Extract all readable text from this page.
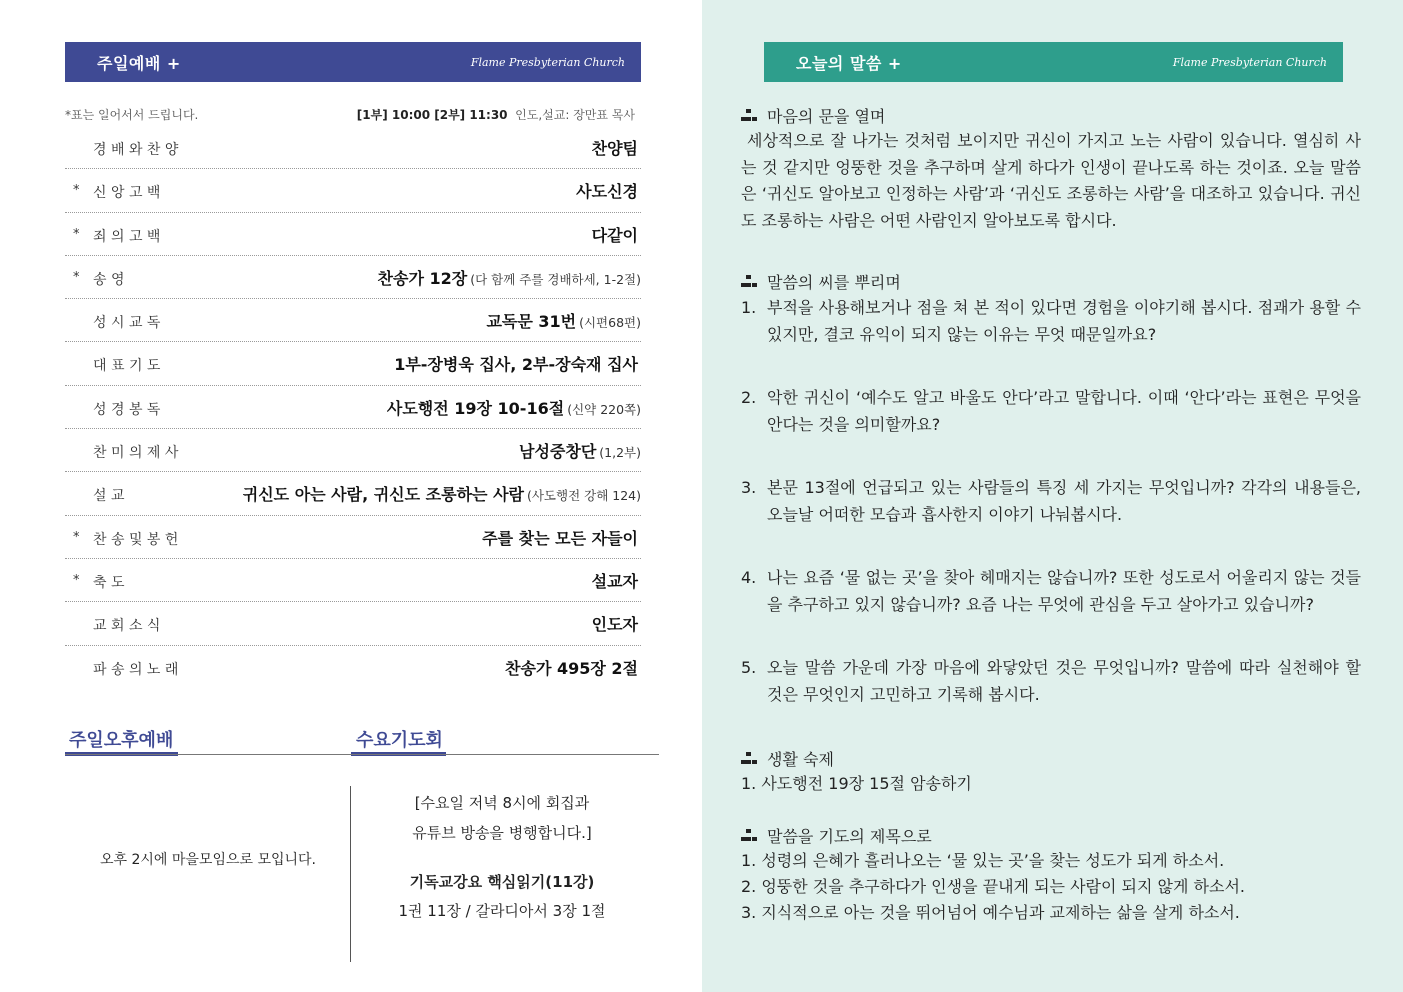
주일예배 +	Flame Presbyterian Church
*표는 일어서서 드립니다.	[1부] 10:00 [2부] 11:30 인도,설교: 장만표 목사
경 배 와 찬 양	찬양팀
* 신 앙 고 백	사도신경
* 죄 의 고 백	다같이
* 송 영	찬송가 12장 (다 함께 주를 경배하세, 1-2절)
성 시 교 독	교독문 31번 (시편68편)
대 표 기 도	1부-장병욱 집사, 2부-장숙재 집사
성 경 봉 독	사도행전 19장 10-16절 (신약 220쪽)
찬 미 의 제 사	남성중창단 (1,2부)
설 교	귀신도 아는 사람, 귀신도 조롱하는 사람 (사도행전 강해 124)
* 찬 송 및 봉 헌	주를 찾는 모든 자들이
* 축 도	설교자
교 회 소 식	인도자
파 송 의 노 래	찬송가 495장 2절
주일오후예배	수요기도회
오후 2시에 마을모임으로 모입니다.
[수요일 저녁 8시에 회집과
유튜브 방송을 병행합니다.]
기독교강요 핵심읽기(11강)
1권 11장 / 갈라디아서 3장 1절
오늘의 말씀 +	Flame Presbyterian Church
마음의 문을 열며
세상적으로 잘 나가는 것처럼 보이지만 귀신이 가지고 노는 사람이 있습니다. 열심히 사는 것 같지만 엉뚱한 것을 추구하며 살게 하다가 인생이 끝나도록 하는 것이죠. 오늘 말씀은 ‘귀신도 알아보고 인정하는 사람’과 ‘귀신도 조롱하는 사람’을 대조하고 있습니다. 귀신도 조롱하는 사람은 어떤 사람인지 알아보도록 합시다.
말씀의 씨를 뿌리며
1. 부적을 사용해보거나 점을 쳐 본 적이 있다면 경험을 이야기해 봅시다. 점괘가 용할 수 있지만, 결코 유익이 되지 않는 이유는 무엇 때문일까요?
2. 악한 귀신이 ‘예수도 알고 바울도 안다’라고 말합니다. 이때 ‘안다’라는 표현은 무엇을 안다는 것을 의미할까요?
3. 본문 13절에 언급되고 있는 사람들의 특징 세 가지는 무엇입니까? 각각의 내용들은, 오늘날 어떠한 모습과 흡사한지 이야기 나눠봅시다.
4. 나는 요즘 ‘물 없는 곳’을 찾아 헤매지는 않습니까? 또한 성도로서 어울리지 않는 것들을 추구하고 있지 않습니까? 요즘 나는 무엇에 관심을 두고 살아가고 있습니까?
5. 오늘 말씀 가운데 가장 마음에 와닿았던 것은 무엇입니까? 말씀에 따라 실천해야 할 것은 무엇인지 고민하고 기록해 봅시다.
생활 숙제
1. 사도행전 19장 15절 암송하기
말씀을 기도의 제목으로
1. 성령의 은혜가 흘러나오는 ‘물 있는 곳’을 찾는 성도가 되게 하소서.
2. 엉뚱한 것을 추구하다가 인생을 끝내게 되는 사람이 되지 않게 하소서.
3. 지식적으로 아는 것을 뛰어넘어 예수님과 교제하는 삶을 살게 하소서.
